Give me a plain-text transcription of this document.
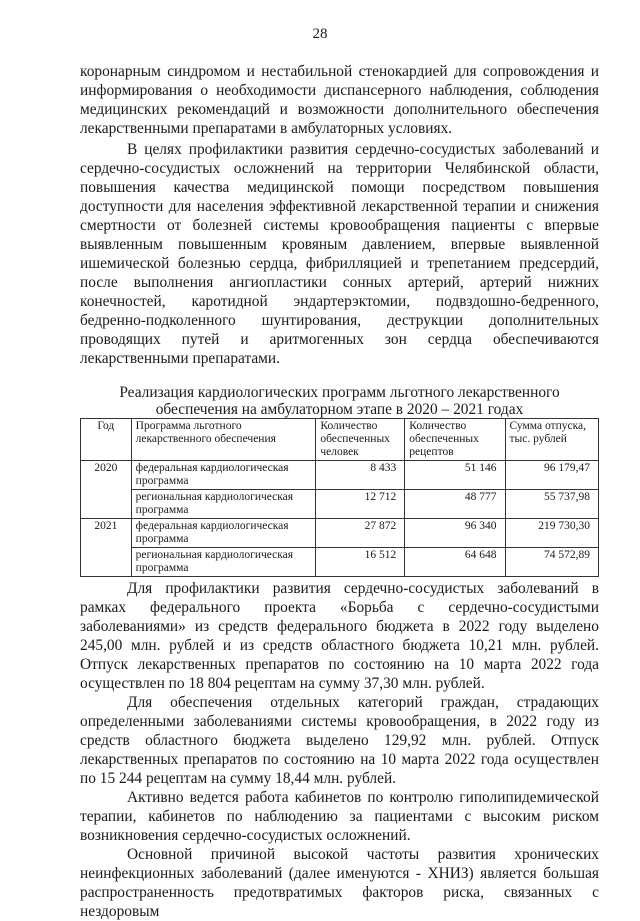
28

коронарным синдромом и нестабильной стенокардией для сопровождения и информирования о необходимости диспансерного наблюдения, соблюдения медицинских рекомендаций и возможности дополнительного обеспечения лекарственными препаратами в амбулаторных условиях.

В целях профилактики развития сердечно-сосудистых заболеваний и сердечно-сосудистых осложнений на территории Челябинской области, повышения качества медицинской помощи посредством повышения доступности для населения эффективной лекарственной терапии и снижения смертности от болезней системы кровообращения пациенты с впервые выявленным повышенным кровяным давлением, впервые выявленной ишемической болезнью сердца, фибрилляцией и трепетанием предсердий, после выполнения ангиопластики сонных артерий, артерий нижних конечностей, каротидной эндартерэктомии, подвздошно-бедренного, бедренно-подколенного шунтирования, деструкции дополнительных проводящих путей и аритмогенных зон сердца обеспечиваются лекарственными препаратами.

Реализация кардиологических программ льготного лекарственного обеспечения на амбулаторном этапе в 2020 – 2021 годах
Год	Программа льготного лекарственного обеспечения	Количество обеспеченных человек	Количество обеспеченных рецептов	Сумма отпуска, тыс. рублей
2020	федеральная кардиологическая программа	8 433	51 146	96 179,47
	региональная кардиологическая программа	12 712	48 777	55 737,98
2021	федеральная кардиологическая программа	27 872	96 340	219 730,30
	региональная кардиологическая программа	16 512	64 648	74 572,89

Для профилактики развития сердечно-сосудистых заболеваний в рамках федерального проекта «Борьба с сердечно-сосудистыми заболеваниями» из средств федерального бюджета в 2022 году выделено 245,00 млн. рублей и из средств областного бюджета 10,21 млн. рублей. Отпуск лекарственных препаратов по состоянию на 10 марта 2022 года осуществлен по 18 804 рецептам на сумму 37,30 млн. рублей.

Для обеспечения отдельных категорий граждан, страдающих определенными заболеваниями системы кровообращения, в 2022 году из средств областного бюджета выделено 129,92 млн. рублей. Отпуск лекарственных препаратов по состоянию на 10 марта 2022 года осуществлен по 15 244 рецептам на сумму 18,44 млн. рублей.

Активно ведется работа кабинетов по контролю гиполипидемической терапии, кабинетов по наблюдению за пациентами с высоким риском возникновения сердечно-сосудистых осложнений.

Основной причиной высокой частоты развития хронических неинфекционных заболеваний (далее именуются - ХНИЗ) является большая распространенность предотвратимых факторов риска, связанных с нездоровым
